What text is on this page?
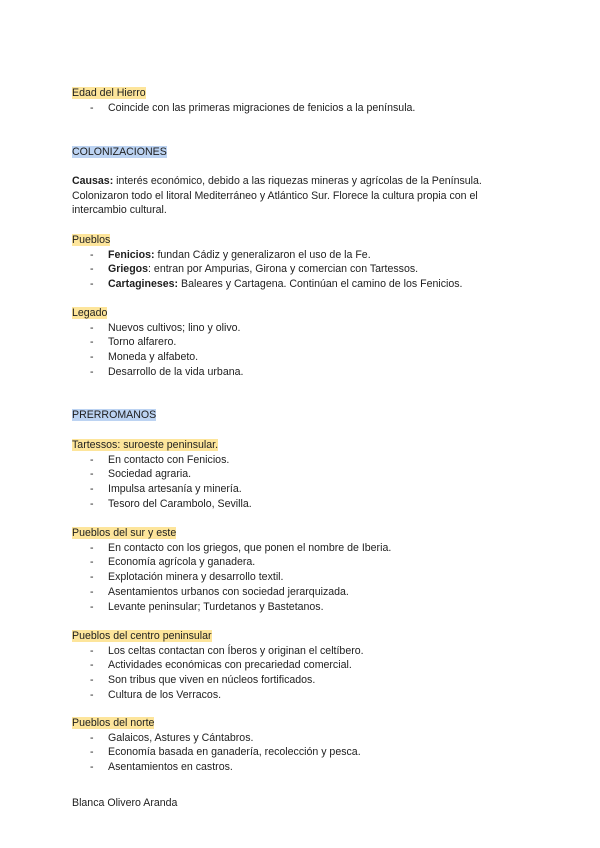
Edad del Hierro
- Coincide con las primeras migraciones de fenicios a la península.
COLONIZACIONES
Causas: interés económico, debido a las riquezas mineras y agrícolas de la Península.
Colonizaron todo el litoral Mediterráneo y Atlántico Sur. Florece la cultura propia con el
intercambio cultural.
Pueblos
- Fenicios: fundan Cádiz y generalizaron el uso de la Fe.
- Griegos: entran por Ampurias, Girona y comercian con Tartessos.
- Cartagineses: Baleares y Cartagena. Continúan el camino de los Fenicios.
Legado
- Nuevos cultivos; lino y olivo.
- Torno alfarero.
- Moneda y alfabeto.
- Desarrollo de la vida urbana.
PRERROMANOS
Tartessos: suroeste peninsular.
- En contacto con Fenicios.
- Sociedad agraria.
- Impulsa artesanía y minería.
- Tesoro del Carambolo, Sevilla.
Pueblos del sur y este
- En contacto con los griegos, que ponen el nombre de Iberia.
- Economía agrícola y ganadera.
- Explotación minera y desarrollo textil.
- Asentamientos urbanos con sociedad jerarquizada.
- Levante peninsular; Turdetanos y Bastetanos.
Pueblos del centro peninsular
- Los celtas contactan con Íberos y originan el celtíbero.
- Actividades económicas con precariedad comercial.
- Son tribus que viven en núcleos fortificados.
- Cultura de los Verracos.
Pueblos del norte
- Galaicos, Astures y Cántabros.
- Economía basada en ganadería, recolección y pesca.
- Asentamientos en castros.
Blanca Olivero Aranda
